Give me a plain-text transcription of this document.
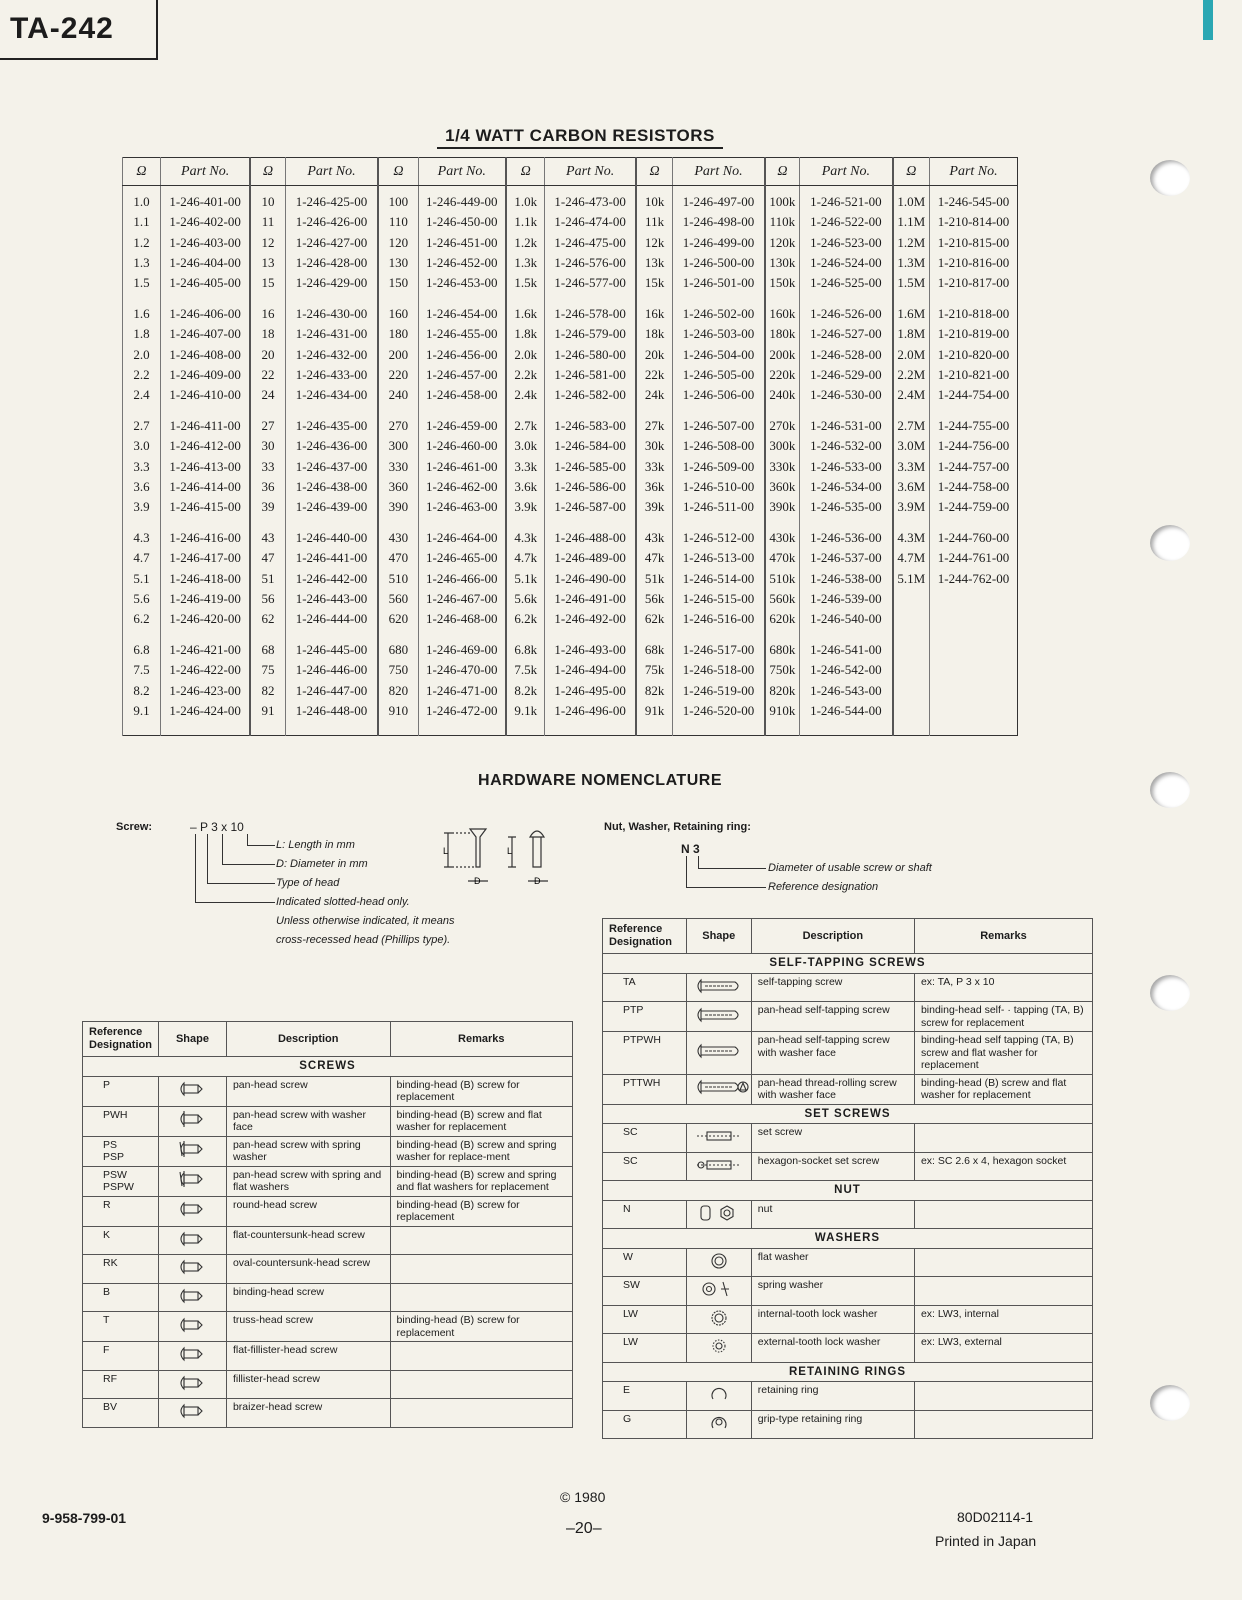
TA-242
1/4 WATT CARBON RESISTORS
Ω	Part No.	Ω	Part No.	Ω	Part No.	Ω	Part No.	Ω	Part No.	Ω	Part No.	Ω	Part No.

1.0	1-246-401-00	10	1-246-425-00	100	1-246-449-00	1.0k	1-246-473-00	10k	1-246-497-00	100k	1-246-521-00	1.0M	1-246-545-00
1.1	1-246-402-00	11	1-246-426-00	110	1-246-450-00	1.1k	1-246-474-00	11k	1-246-498-00	110k	1-246-522-00	1.1M	1-210-814-00
1.2	1-246-403-00	12	1-246-427-00	120	1-246-451-00	1.2k	1-246-475-00	12k	1-246-499-00	120k	1-246-523-00	1.2M	1-210-815-00
1.3	1-246-404-00	13	1-246-428-00	130	1-246-452-00	1.3k	1-246-576-00	13k	1-246-500-00	130k	1-246-524-00	1.3M	1-210-816-00
1.5	1-246-405-00	15	1-246-429-00	150	1-246-453-00	1.5k	1-246-577-00	15k	1-246-501-00	150k	1-246-525-00	1.5M	1-210-817-00

1.6	1-246-406-00	16	1-246-430-00	160	1-246-454-00	1.6k	1-246-578-00	16k	1-246-502-00	160k	1-246-526-00	1.6M	1-210-818-00
1.8	1-246-407-00	18	1-246-431-00	180	1-246-455-00	1.8k	1-246-579-00	18k	1-246-503-00	180k	1-246-527-00	1.8M	1-210-819-00
2.0	1-246-408-00	20	1-246-432-00	200	1-246-456-00	2.0k	1-246-580-00	20k	1-246-504-00	200k	1-246-528-00	2.0M	1-210-820-00
2.2	1-246-409-00	22	1-246-433-00	220	1-246-457-00	2.2k	1-246-581-00	22k	1-246-505-00	220k	1-246-529-00	2.2M	1-210-821-00
2.4	1-246-410-00	24	1-246-434-00	240	1-246-458-00	2.4k	1-246-582-00	24k	1-246-506-00	240k	1-246-530-00	2.4M	1-244-754-00

2.7	1-246-411-00	27	1-246-435-00	270	1-246-459-00	2.7k	1-246-583-00	27k	1-246-507-00	270k	1-246-531-00	2.7M	1-244-755-00
3.0	1-246-412-00	30	1-246-436-00	300	1-246-460-00	3.0k	1-246-584-00	30k	1-246-508-00	300k	1-246-532-00	3.0M	1-244-756-00
3.3	1-246-413-00	33	1-246-437-00	330	1-246-461-00	3.3k	1-246-585-00	33k	1-246-509-00	330k	1-246-533-00	3.3M	1-244-757-00
3.6	1-246-414-00	36	1-246-438-00	360	1-246-462-00	3.6k	1-246-586-00	36k	1-246-510-00	360k	1-246-534-00	3.6M	1-244-758-00
3.9	1-246-415-00	39	1-246-439-00	390	1-246-463-00	3.9k	1-246-587-00	39k	1-246-511-00	390k	1-246-535-00	3.9M	1-244-759-00

4.3	1-246-416-00	43	1-246-440-00	430	1-246-464-00	4.3k	1-246-488-00	43k	1-246-512-00	430k	1-246-536-00	4.3M	1-244-760-00
4.7	1-246-417-00	47	1-246-441-00	470	1-246-465-00	4.7k	1-246-489-00	47k	1-246-513-00	470k	1-246-537-00	4.7M	1-244-761-00
5.1	1-246-418-00	51	1-246-442-00	510	1-246-466-00	5.1k	1-246-490-00	51k	1-246-514-00	510k	1-246-538-00	5.1M	1-244-762-00
5.6	1-246-419-00	56	1-246-443-00	560	1-246-467-00	5.6k	1-246-491-00	56k	1-246-515-00	560k	1-246-539-00		
6.2	1-246-420-00	62	1-246-444-00	620	1-246-468-00	6.2k	1-246-492-00	62k	1-246-516-00	620k	1-246-540-00		

6.8	1-246-421-00	68	1-246-445-00	680	1-246-469-00	6.8k	1-246-493-00	68k	1-246-517-00	680k	1-246-541-00		
7.5	1-246-422-00	75	1-246-446-00	750	1-246-470-00	7.5k	1-246-494-00	75k	1-246-518-00	750k	1-246-542-00		
8.2	1-246-423-00	82	1-246-447-00	820	1-246-471-00	8.2k	1-246-495-00	82k	1-246-519-00	820k	1-246-543-00		
9.1	1-246-424-00	91	1-246-448-00	910	1-246-472-00	9.1k	1-246-496-00	91k	1-246-520-00	910k	1-246-544-00		

HARDWARE NOMENCLATURE
Screw:	– P 3 x 10
L: Length in mm
D: Diameter in mm
Type of head
Indicated slotted-head only.
Unless otherwise indicated, it means
cross-recessed head (Phillips type).
L	L
D	D
Nut, Washer, Retaining ring:
N 3
Diameter of usable screw or shaft
Reference designation
Reference Designation	Shape	Description	Remarks
SCREWS			
P		pan-head screw	binding-head (B) screw for replacement
PWH		pan-head screw with washer face	binding-head (B) screw and flat washer for replacement
PS
PSP		pan-head screw with spring washer	binding-head (B) screw and spring washer for replace-ment
PSW
PSPW		pan-head screw with spring and flat washers	binding-head (B) screw and spring and flat washers for replacement
R		round-head screw	binding-head (B) screw for replacement
K		flat-countersunk-head screw	
RK		oval-countersunk-head screw	
B		binding-head screw	
T		truss-head screw	binding-head (B) screw for replacement
F		flat-fillister-head screw	
RF		fillister-head screw	
BV		braizer-head screw	
Reference Designation	Shape	Description	Remarks
SELF-TAPPING SCREWS			
TA		self-tapping screw	ex: TA, P 3 x 10
PTP		pan-head self-tapping screw	binding-head self- · tapping (TA, B) screw for replacement
PTPWH		pan-head self-tapping screw with washer face	binding-head self tapping (TA, B) screw and flat washer for replacement
PTTWH		pan-head thread-rolling screw with washer face	binding-head (B) screw and flat washer for replacement
SET SCREWS			
SC		set screw	
SC		hexagon-socket set screw	ex: SC 2.6 x 4, hexagon socket
NUT			
N		nut	
WASHERS			
W		flat washer	
SW		spring washer	
LW		internal-tooth lock washer	ex: LW3, internal
LW		external-tooth lock washer	ex: LW3, external
RETAINING RINGS			
E		retaining ring	
G		grip-type retaining ring	
9-958-799-01
© 1980
–20–
80D02114-1
Printed in Japan
